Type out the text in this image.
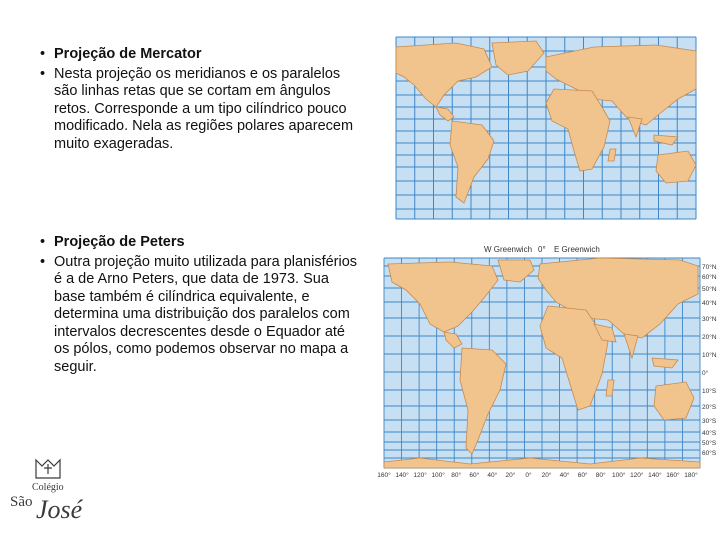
• Projeção de Mercator
• Nesta projeção os meridianos e os paralelos são linhas retas que se cortam em ângulos retos. Corresponde a um tipo cilíndrico pouco modificado. Nela as regiões polares aparecem muito exageradas.
• Projeção de Peters
• Outra projeção muito utilizada para planisférios é a de Arno Peters, que data de 1973. Sua base também é cilíndrica equivalente, e determina uma distribuição dos paralelos com intervalos decrescentes desde o Equador até os pólos, como podemos observar no mapa a seguir.
W Greenwich 0° E Greenwich
70°N
60°N
50°N
40°N
30°N
20°N
10°N
0°
10°S
20°S
30°S
40°S
50°S
60°S
160° 140° 120° 100° 80° 60° 40° 20° 0° 20° 40° 60° 80° 100° 120° 140° 160° 180°
Colégio
São José
